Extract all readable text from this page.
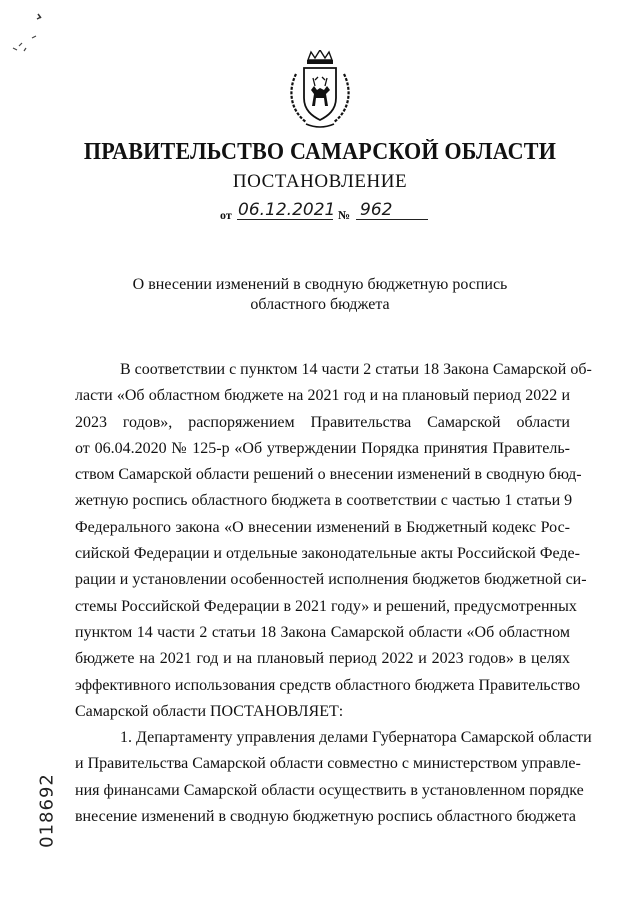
ПРАВИТЕЛЬСТВО САМАРСКОЙ ОБЛАСТИ
ПОСТАНОВЛЕНИЕ
от 06.12.2021 № 962
О внесении изменений в сводную бюджетную роспись
областного бюджета
В соответствии с пунктом 14 части 2 статьи 18 Закона Самарской об-
ласти «Об областном бюджете на 2021 год и на плановый период 2022 и
2023 годов», распоряжением Правительства Самарской области
от 06.04.2020 № 125-р «Об утверждении Порядка принятия Правитель-
ством Самарской области решений о внесении изменений в сводную бюд-
жетную роспись областного бюджета в соответствии с частью 1 статьи 9
Федерального закона «О внесении изменений в Бюджетный кодекс Рос-
сийской Федерации и отдельные законодательные акты Российской Феде-
рации и установлении особенностей исполнения бюджетов бюджетной си-
стемы Российской Федерации в 2021 году» и решений, предусмотренных
пунктом 14 части 2 статьи 18 Закона Самарской области «Об областном
бюджете на 2021 год и на плановый период 2022 и 2023 годов» в целях
эффективного использования средств областного бюджета Правительство
Самарской области ПОСТАНОВЛЯЕТ:
1. Департаменту управления делами Губернатора Самарской области
и Правительства Самарской области совместно с министерством управле-
ния финансами Самарской области осуществить в установленном порядке
внесение изменений в сводную бюджетную роспись областного бюджета
018692
